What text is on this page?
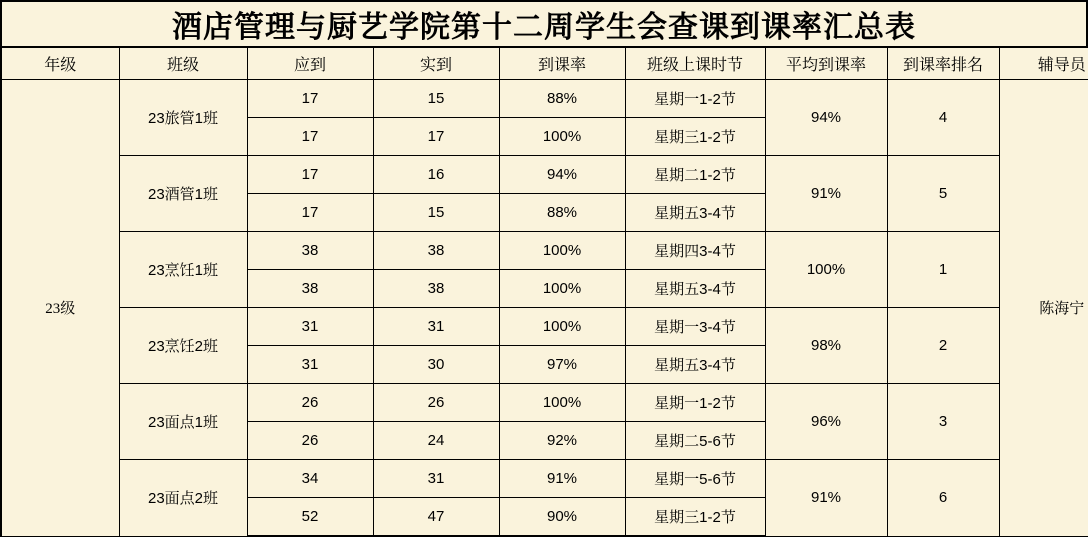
酒店管理与厨艺学院第十二周学生会查课到课率汇总表
年级	班级	应到	实到	到课率	班级上课时节	平均到课率	到课率排名	辅导员
23级	23旅管1班	17	15	88%	星期一1-2节	94%	4	陈海宁
		17	17	100%	星期三1-2节			
	23酒管1班	17	16	94%	星期二1-2节	91%	5	
		17	15	88%	星期五3-4节			
	23烹饪1班	38	38	100%	星期四3-4节	100%	1	
		38	38	100%	星期五3-4节			
	23烹饪2班	31	31	100%	星期一3-4节	98%	2	
		31	30	97%	星期五3-4节			
	23面点1班	26	26	100%	星期一1-2节	96%	3	
		26	24	92%	星期二5-6节			
	23面点2班	34	31	91%	星期一5-6节	91%	6	
		52	47	90%	星期三1-2节			
